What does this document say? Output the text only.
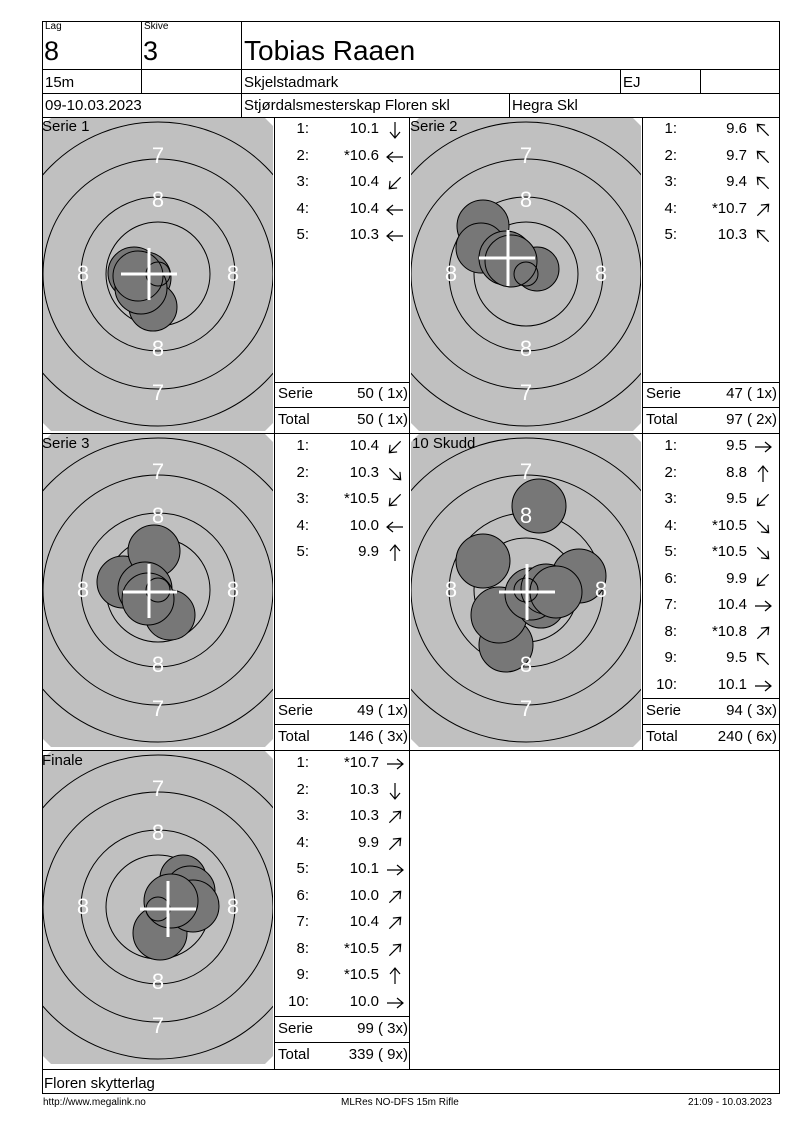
Lag
8
Skive
3	Tobias Raaen
15m	Skjelstadmark	EJ
09-10.03.2023	Stjørdalsmesterskap Floren skl	Hegra Skl
7
8
8	8
8
7
7
8
8	8
8
7
7
8
8	8
8
7
7
8
8	8
8
7
7
8
8	8
8
7
Serie 1	Serie 2
Serie 3	10 Skudd
Finale
1:	10.1
2:	*10.6
3:	10.4
4:	10.4
5:	10.3
1:	9.6
2:	9.7
3:	9.4
4:	*10.7
5:	10.3
1:	10.4
2:	10.3
3:	*10.5
4:	10.0
5:	9.9
1:	9.5
2:	8.8
3:	9.5
4:	*10.5
5:	*10.5
6:	9.9
7:	10.4
8:	*10.8
9:	9.5
10:	10.1
1:	*10.7
2:	10.3
3:	10.3
4:	9.9
5:	10.1
6:	10.0
7:	10.4
8:	*10.5
9:	*10.5
10:	10.0
Serie	50 ( 1x)
Total	50 ( 1x)
Serie	47 ( 1x)
Total	97 ( 2x)
Serie	49 ( 1x)
Total	146 ( 3x)
Serie	94 ( 3x)
Total	240 ( 6x)
Serie	99 ( 3x)
Total	339 ( 9x)
Floren skytterlag
http://www.megalink.no	MLRes NO-DFS 15m Rifle	21:09 - 10.03.2023
